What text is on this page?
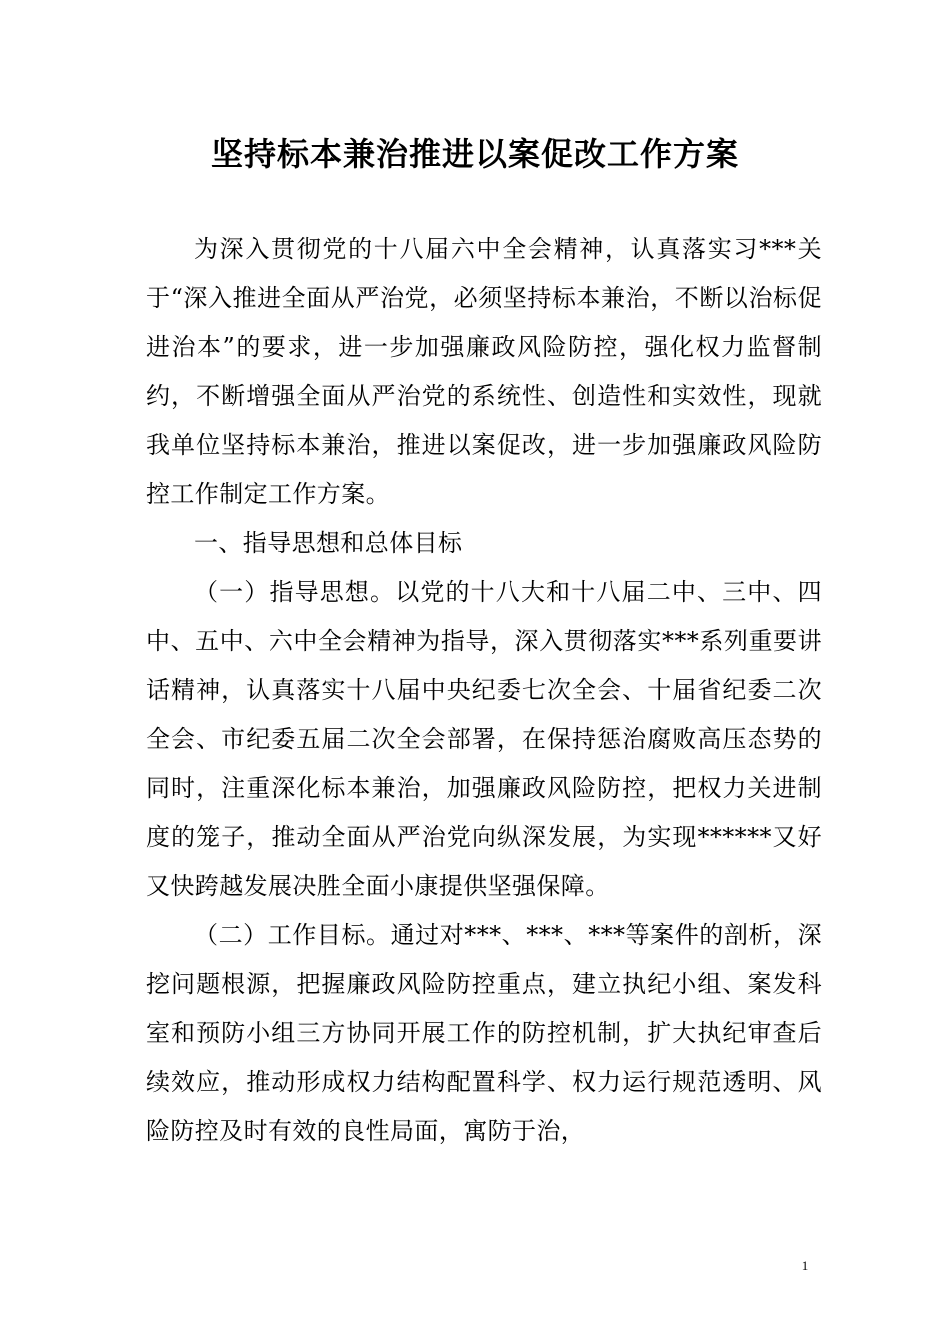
坚持标本兼治推进以案促改工作方案

为深入贯彻党的十八届六中全会精神，认真落实习***关于“深入推进全面从严治党，必须坚持标本兼治，不断以治标促进治本”的要求，进一步加强廉政风险防控，强化权力监督制约，不断增强全面从严治党的系统性、创造性和实效性，现就我单位坚持标本兼治，推进以案促改，进一步加强廉政风险防控工作制定工作方案。

一、指导思想和总体目标

（一）指导思想。以党的十八大和十八届二中、三中、四中、五中、六中全会精神为指导，深入贯彻落实***系列重要讲话精神，认真落实十八届中央纪委七次全会、十届省纪委二次全会、市纪委五届二次全会部署，在保持惩治腐败高压态势的同时，注重深化标本兼治，加强廉政风险防控，把权力关进制度的笼子，推动全面从严治党向纵深发展，为实现******又好又快跨越发展决胜全面小康提供坚强保障。

（二）工作目标。通过对***、***、***等案件的剖析，深挖问题根源，把握廉政风险防控重点，建立执纪小组、案发科室和预防小组三方协同开展工作的防控机制，扩大执纪审查后续效应，推动形成权力结构配置科学、权力运行规范透明、风险防控及时有效的良性局面，寓防于治，

1
